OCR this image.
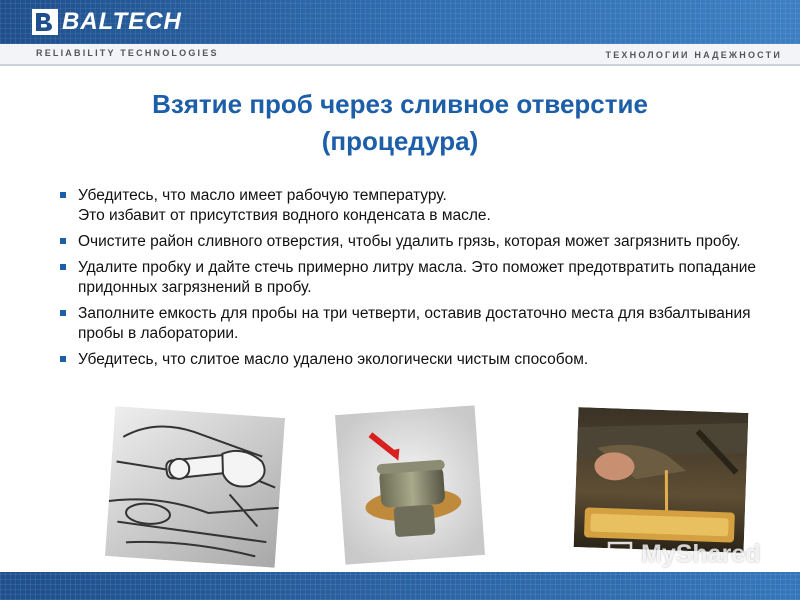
BALTECH
RELIABILITY TECHNOLOGIES	ТЕХНОЛОГИИ НАДЕЖНОСТИ
Взятие проб через сливное отверстие
(процедура)
Убедитесь, что масло имеет рабочую температуру.
Это избавит от присутствия водного конденсата в масле.
Очистите район сливного отверстия, чтобы удалить грязь, которая может загрязнить пробу.
Удалите пробку и дайте стечь примерно литру масла. Это поможет предотвратить попадание придонных загрязнений в пробу.
Заполните емкость для пробы на три четверти, оставив достаточно места для взбалтывания пробы в лаборатории.
Убедитесь, что слитое масло удалено экологически чистым способом.
MyShared
